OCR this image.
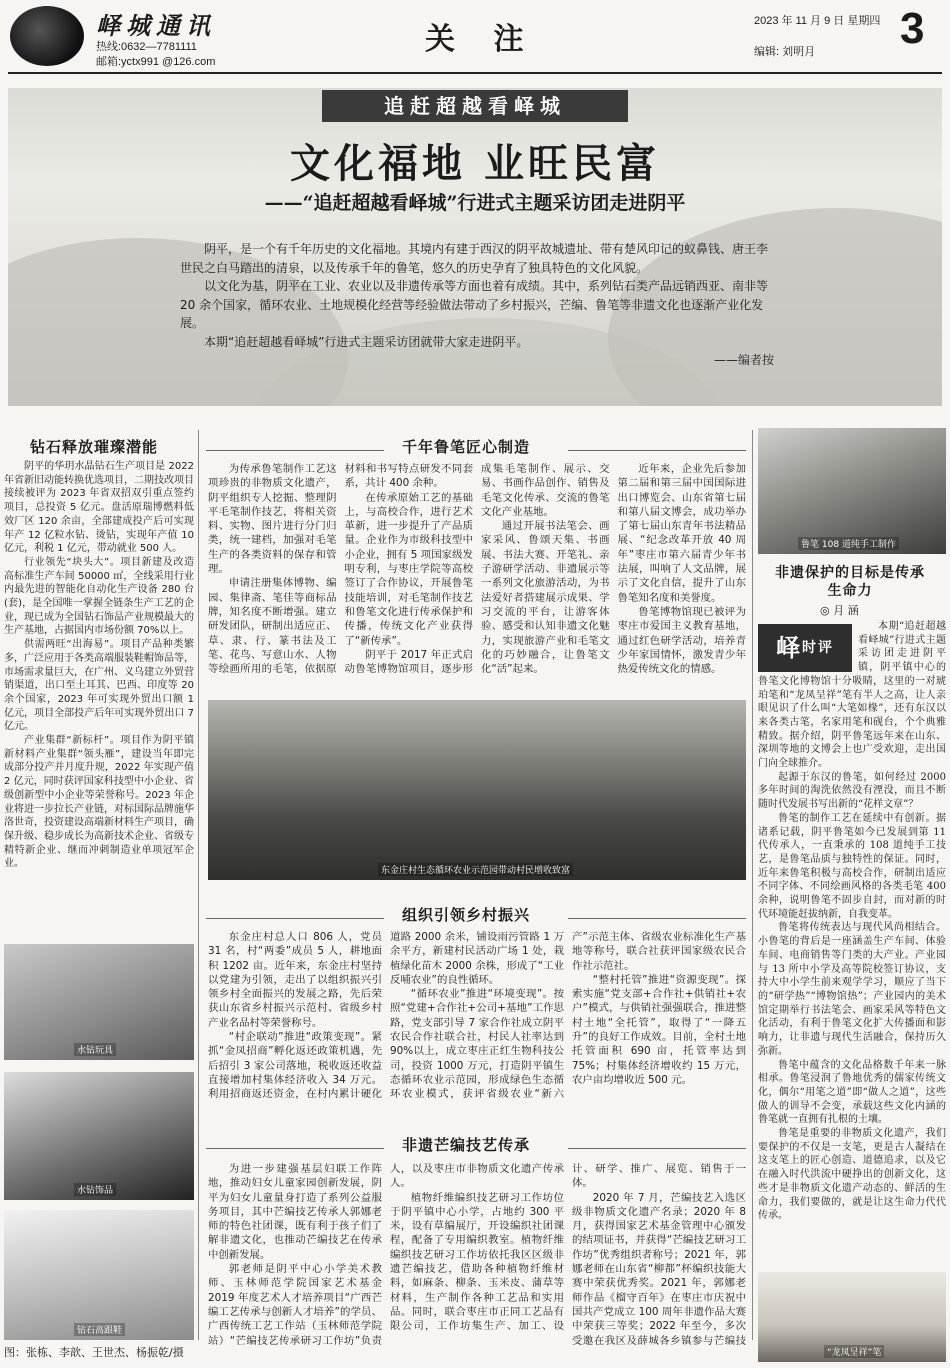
峄城通讯
热线:0632—7781111
邮箱:yctx991 @126.com
关 注
2023 年 11 月 9 日 星期四
编辑: 刘明月 3
追赶超越看峄城
文化福地 业旺民富
——“追赶超越看峄城”行进式主题采访团走进阴平

阴平，是一个有千年历史的文化福地。其境内有建于西汉的阴平故城遗址、带有楚风印记的蚁鼻钱、唐王李世民之白马踏出的清泉，以及传承千年的鲁笔，悠久的历史孕育了独具特色的文化风貌。

以文化为基，阴平在工业、农业以及非遗传承等方面也着有成绩。其中，系列钻石类产品远销西亚、南非等 20 余个国家，循环农业、土地规模化经营等经验做法带动了乡村振兴，芒编、鲁笔等非遗文化也逐渐产业化发展。

本期“追赶超越看峄城”行进式主题采访团就带大家走进阴平。

——编者按

钻石释放璀璨潜能

阴平的华玥水晶钻石生产项目是 2022 年省新旧动能转换优选项目，二期技改项目接续被评为 2023 年省双招双引重点签约项目，总投资 5 亿元。盘活原瑞博燃料低效厂区 120 余亩，全部建成投产后可实现年产 12 亿粒水钻、烫钻，实现年产值 10 亿元，利税 1 亿元，带动就业 500 人。

行业领先“块头大”。项目新建及改造高标准生产车间 50000 ㎡，全线采用行业内最先进的智能化自动化生产设备 280 台(套)，是全国唯一掌握全链条生产工艺的企业，现已成为全国钻石饰品产业规模最大的生产基地，占据国内市场份额 70%以上。

供需两旺“出海易”。项目产品种类繁多，广泛应用于各类高端服装鞋帽饰品等，市场需求量巨大，在广州、义乌建立外贸营销渠道，出口至土耳其、巴西、印度等 20 余个国家，2023 年可实现外贸出口额 1 亿元，项目全部投产后年可实现外贸出口 7 亿元。

产业集群“新标杆”。项目作为阴平镇新材料产业集群“领头雁”，建设当年即完成部分投产并月度升规，2022 年实现产值 2 亿元，同时获评国家科技型中小企业、省级创新型中小企业等荣誉称号。2023 年企业将进一步拉长产业链，对标国际品牌施华洛世奇，投资建设高端新材料生产项目，确保升级、稳步成长为高新技术企业、省级专精特新企业、继而冲刺制造业单项冠军企业。

水钻玩具
水钻饰品
钻石高跟鞋
千年鲁笔匠心制造

为传承鲁笔制作工艺这项珍贵的非物质文化遗产，阴平组织专人挖掘、整理阴平毛笔制作技艺，将相关资料、实物、图片进行分门归类，统一建档，加强对毛笔生产的各类资料的保存和管理。

申请注册集体博物、编园、集律斋、笔佳等商标品牌，知名度不断增强。建立研发团队，研制出适应正、草、隶、行、篆书法及工笔、花鸟、写意山水、人物等绘画所用的毛笔，依据原材料和书写特点研发不同套系，共计 400 余种。

在传承原始工艺的基础上，与高校合作，进行艺术革新，进一步提升了产品质量。企业作为市级科技型中小企业，拥有 5 项国家级发明专利，与枣庄学院等高校签订了合作协议，开展鲁笔技能培训，对毛笔制作技艺和鲁笔文化进行传承保护和传播，传统文化产业获得了“新传承”。

阴平于 2017 年正式启动鲁笔博物馆项目，逐步形成集毛笔制作、展示、交易、书画作品创作、销售及毛笔文化传承、交流的鲁笔文化产业基地。

通过开展书法笔会、画家采风、鲁颂天集、书画展、书法大赛、开笔礼、亲子游研学活动、非遗展示等一系列文化旅游活动，为书法爱好者搭建展示成果、学习交流的平台，让游客体验、感受和认知非遗文化魅力，实现旅游产业和毛笔文化的巧妙融合，让鲁笔文化“活”起来。

近年来，企业先后参加第二届和第三届中国国际进出口博览会、山东省第七届和第八届文博会，成功举办了第七届山东青年书法精品展、“纪念改革开放 40 周年”枣庄市第六届青少年书法展，叫响了人文品牌，展示了文化自信，提升了山东鲁笔知名度和美誉度。

鲁笔博物馆现已被评为枣庄市爱国主义教育基地，通过红色研学活动，培养青少年家国情怀，激发青少年热爱传统文化的情感。

东金庄村生态循环农业示范园带动村民增收致富
组织引领乡村振兴

东金庄村总人口 806 人，党员 31 名，村“两委”成员 5 人，耕地面积 1202 亩。近年来，东金庄村坚持以党建为引领，走出了以组织振兴引领乡村全面振兴的发展之路，先后荣获山东省乡村振兴示范村、省级乡村产业名品村等荣誉称号。

“村企联动”推进“政策变现”。紧抓“金凤招商”孵化返还政策机遇，先后招引 3 家公司落地，税收返还收益直接增加村集体经济收入 34 万元。利用招商返还资金，在村内累计硬化道路 2000 余米，铺设雨污管路 1 万余平方，新建村民活动广场 1 处，栽植绿化苗木 2000 余株，形成了“工业反哺农业”的良性循环。

“循环农业”推进“环境变现”。按照“党建+合作社+公司+基地”工作思路，党支部引导 7 家合作社成立阴平农民合作社联合社，村民人社率达到 90%以上，成立枣庄正红生物科技公司，投资 1000 万元，打造阴平镇生态循环农业示范园，形成绿色生态循环农业模式，获评省级农业“新六产”示范主体、省级农业标准化生产基地等称号，联合社获评国家级农民合作社示范社。

“整村托管”推进“资源变现”。探索实施“党支部+合作社+供销社+农户”模式，与供销社强强联合，推进整村土地“全托管”，取得了“一降五升”的良好工作成效。目前，全村土地托管面积 690 亩，托管率达到 75%；村集体经济增收约 15 万元，农户亩均增收近 500 元。

非遗芒编技艺传承

为进一步建强基层妇联工作阵地，推动妇女儿童家园创新发展，阴平为妇女儿童量身打造了系列公益服务项目，其中芒编技艺传承人郭娜老师的特色社团课，既有利于孩子们了解非遗文化，也推动芒编技艺在传承中创新发展。

郭老师是阴平中心小学美术教师、玉林师范学院国家艺术基金 2019 年度艺术人才培养项目“广西芒编工艺传承与创新人才培养”的学员、广西传统工艺工作站（玉林师范学院站）“芒编技艺传承研习工作坊”负责人，以及枣庄市非物质文化遗产传承人。

植物纤维编织技艺研习工作坊位于阴平镇中心小学，占地约 300 平米，设有草编展厅，开设编织社团课程，配备了专用编织教室。植物纤维编织技艺研习工作坊依托我区区级非遗芒编技艺，借助各种植物纤维材料，如麻条、柳条、玉米皮、蒲草等材料，生产制作各种工艺品和实用品。同时，联合枣庄市正同工艺品有限公司，工作坊集生产、加工、设计、研学、推广、展览、销售于一体。

2020 年 7 月，芒编技艺入选区级非物质文化遗产名录；2020 年 8 月，获得国家艺术基金管理中心颁发的结项证书，并获得“芒编技艺研习工作坊”优秀组织者称号；2021 年，郭娜老师在山东省“柳都”杯编织技能大赛中荣获优秀奖。2021 年，郭娜老师作品《榴守百年》在枣庄市庆祝中国共产党成立 100 周年非遗作品大赛中荣获三等奖；2022 年至今，多次受邀在我区及薛城各乡镇参与芒编技

鲁笔 108 道纯手工制作
非遗保护的目标是传承生命力
◎ 月 涵
峄时评

本期“追赶超越看峄城”行进式主题采访团走进阴平镇，阴平镇中心的鲁笔文化博物馆十分吸睛，这里的一对琥珀笔和“龙凤呈祥”笔有半人之高，让人亲眼见识了什么叫“大笔如椽”，还有东汉以来各类古笔，名家用笔和砚台，个个典雅精致。据介绍，阴平鲁笔远年来在山东、深圳等地的文博会上也广受欢迎，走出国门向全球推介。

起源于东汉的鲁笔，如何经过 2000 多年时间的淘洗依然没有湮没，而且不断随时代发展书写出新的“花样文章”？

鲁笔的制作工艺在延续中有创新。据诸系记载，阴平鲁笔如今已发展到第 11 代传承人，一直秉承的 108 道纯手工技艺，是鲁笔品质与独特性的保证。同时，近年来鲁笔积极与高校合作，研制出适应不同字体、不同绘画风格的各类毛笔 400 余种，说明鲁笔不固步自封，而对新的时代环境能赶拔纳新，自我变革。

鲁笔将传统表达与现代风尚相结合。小鲁笔的背后是一座涵盖生产车间、体验车间、电商销售等门类的大产业。产业园与 13 所中小学及高等院校签订协议，支持大中小学生前来观学学习，顺应了当下的“研学热”“博物馆热”；产业园内的美术馆定期举行书法笔会、画家采风等特色文化活动，有利于鲁笔文化扩大传播面和影响力，让非遗与现代生活融合，保持历久弥新。

鲁笔中蕴含的文化品格数千年来一脉相承。鲁笔浸润了鲁地优秀的儒家传统文化，偶尔“用笔之道”即“做人之道”，这些做人的训导不会变，承载这些文化内涵的鲁笔就一直拥有扎根的土壤。

鲁笔是重要的非物质文化遗产，我们要保护的不仅是一支笔，更是古人凝结在这支笔上的匠心创造、道德追求，以及它在融入时代洪流中硬挣出的创新文化，这些才是非物质文化遗产动态的、鲜活的生命力，我们要做的，就是让这生命力代代传承。

“龙凤呈祥”笔
图：张栋、李歆、王世杰、杨振乾/摄
